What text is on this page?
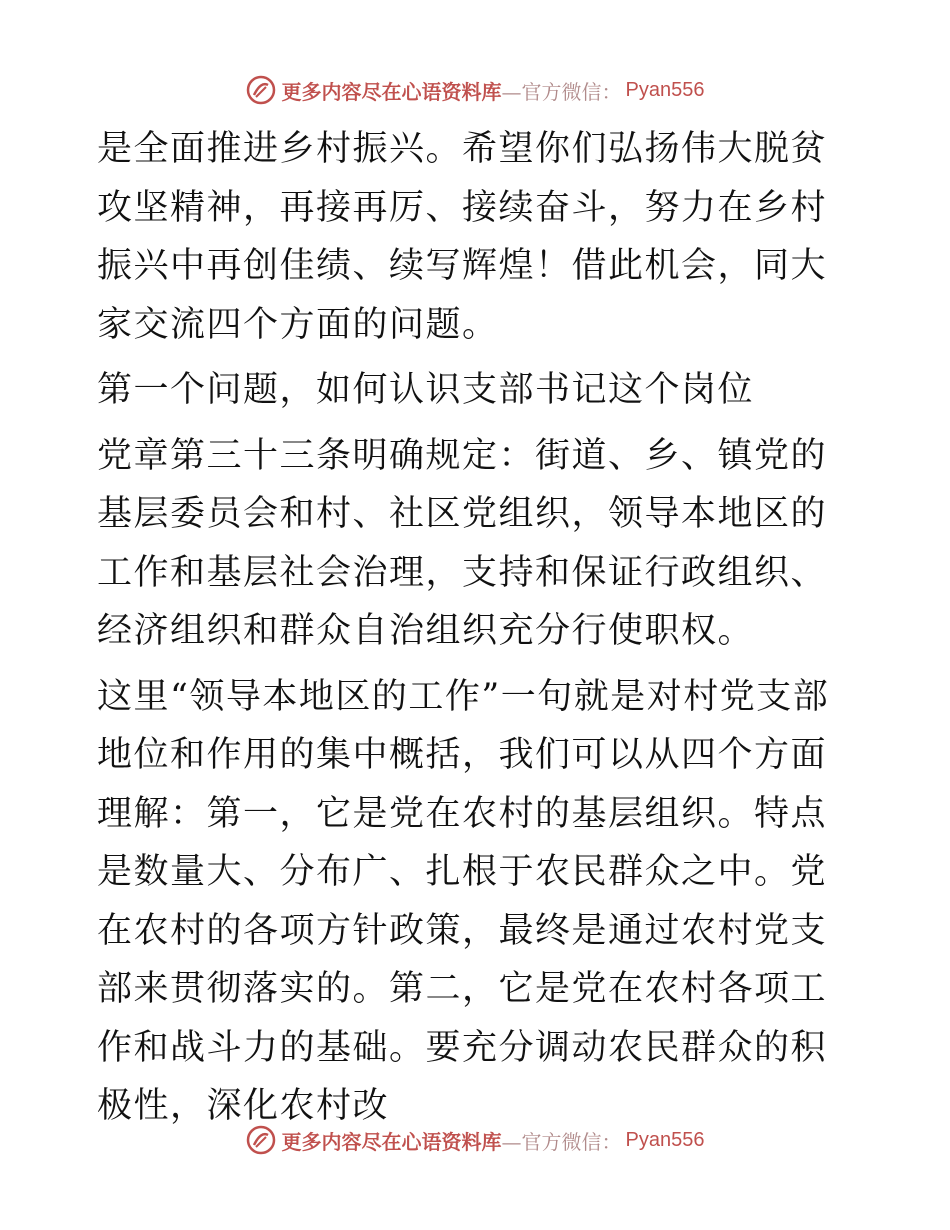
更多内容尽在心语资料库 —官方微信： Pyan556

是全面推进乡村振兴。希望你们弘扬伟大脱贫攻坚精神，再接再厉、接续奋斗，努力在乡村振兴中再创佳绩、续写辉煌！借此机会，同大家交流四个方面的问题。

第一个问题，如何认识支部书记这个岗位

党章第三十三条明确规定：街道、乡、镇党的基层委员会和村、社区党组织，领导本地区的工作和基层社会治理，支持和保证行政组织、经济组织和群众自治组织充分行使职权。

这里“领导本地区的工作”一句就是对村党支部地位和作用的集中概括，我们可以从四个方面理解：第一，它是党在农村的基层组织。特点是数量大、分布广、扎根于农民群众之中。党在农村的各项方针政策，最终是通过农村党支部来贯彻落实的。第二，它是党在农村各项工作和战斗力的基础。要充分调动农民群众的积极性，深化农村改

更多内容尽在心语资料库 —官方微信： Pyan556
